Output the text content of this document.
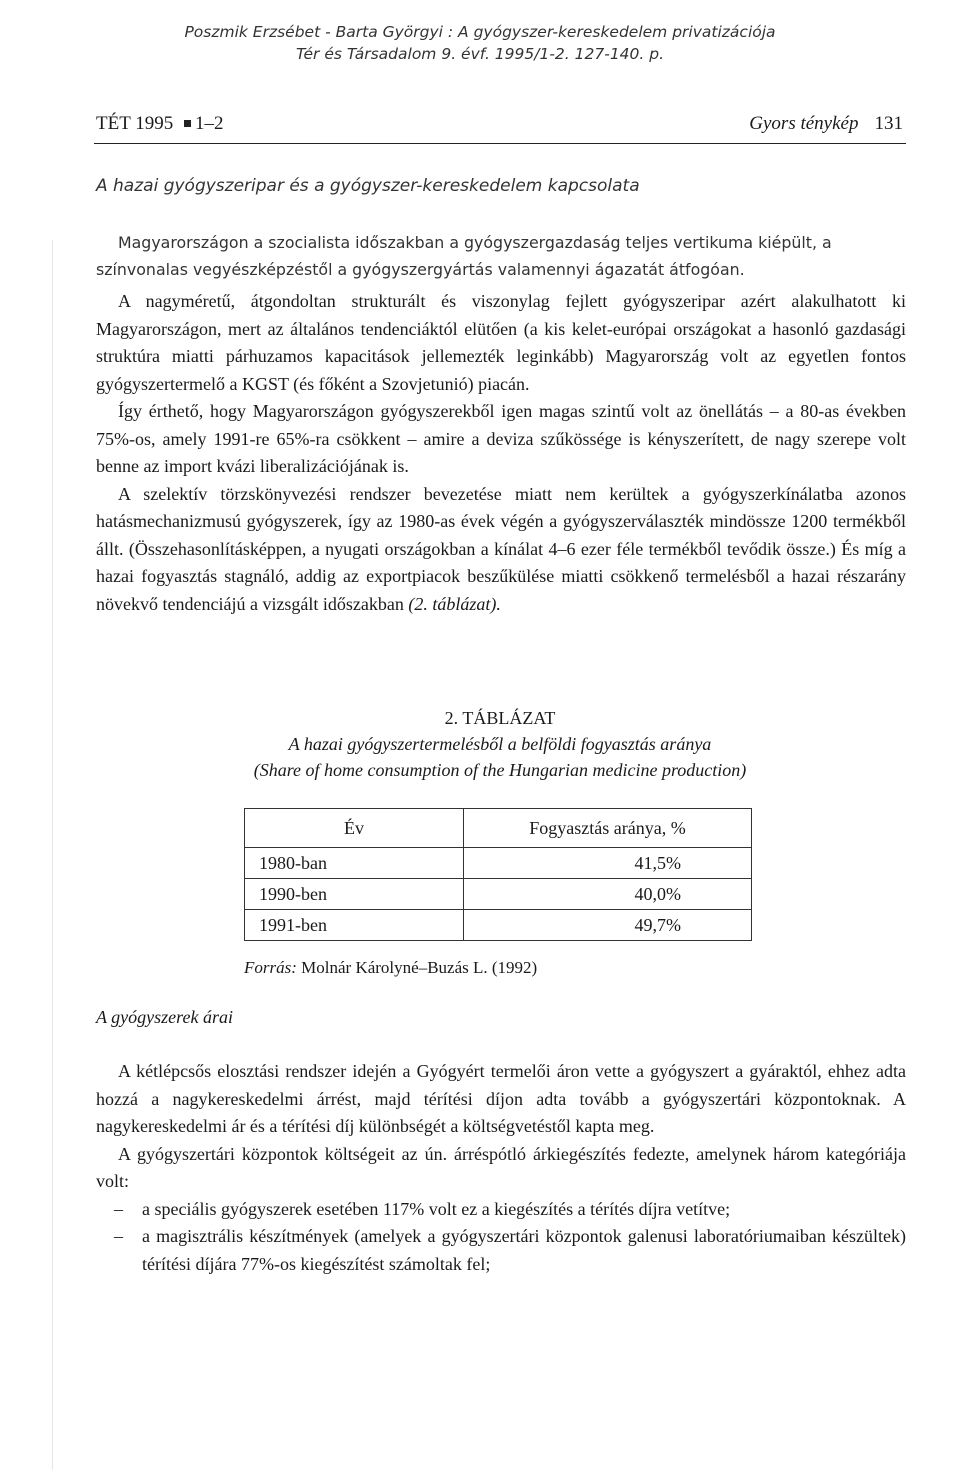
Poszmik Erzsébet - Barta Györgyi : A gyógyszer-kereskedelem privatizációja
Tér és Társadalom 9. évf. 1995/1-2. 127-140. p.
TÉT 1995 1–2	Gyors ténykép 131
A hazai gyógyszeripar és a gyógyszer-kereskedelem kapcsolata
Magyarországon a szocialista időszakban a gyógyszergazdaság teljes vertikuma kiépült, a színvonalas vegyészképzéstől a gyógyszergyártás valamennyi ágazatát átfogóan.

A nagyméretű, átgondoltan strukturált és viszonylag fejlett gyógyszeripar azért alakulhatott ki Magyarországon, mert az általános tendenciáktól elütően (a kis kelet-európai országokat a hasonló gazdasági struktúra miatti párhuzamos kapacitások jellemezték leginkább) Magyarország volt az egyetlen fontos gyógyszertermelő a KGST (és főként a Szovjetunió) piacán.

Így érthető, hogy Magyarországon gyógyszerekből igen magas szintű volt az önellátás – a 80-as években 75%-os, amely 1991-re 65%-ra csökkent – amire a deviza szűkössége is kényszerített, de nagy szerepe volt benne az import kvázi liberalizációjának is.

A szelektív törzskönyvezési rendszer bevezetése miatt nem kerültek a gyógyszerkínálatba azonos hatásmechanizmusú gyógyszerek, így az 1980-as évek végén a gyógyszerválaszték mindössze 1200 termékből állt. (Összehasonlításképpen, a nyugati országokban a kínálat 4–6 ezer féle termékből tevődik össze.) És míg a hazai fogyasztás stagnáló, addig az exportpiacok beszűkülése miatti csökkenő termelésből a hazai részarány növekvő tendenciájú a vizsgált időszakban (2. táblázat).

2. TÁBLÁZAT
A hazai gyógyszertermelésből a belföldi fogyasztás aránya
(Share of home consumption of the Hungarian medicine production)
Év	Fogyasztás aránya, %
1980-ban	41,5%
1990-ben	40,0%
1991-ben	49,7%
Forrás: Molnár Károlyné–Buzás L. (1992)
A gyógyszerek árai

A kétlépcsős elosztási rendszer idején a Gyógyért termelői áron vette a gyógyszert a gyáraktól, ehhez adta hozzá a nagykereskedelmi árrést, majd térítési díjon adta tovább a gyógyszertári központoknak. A nagykereskedelmi ár és a térítési díj különbségét a költségvetéstől kapta meg.

A gyógyszertári központok költségeit az ún. árréspótló árkiegészítés fedezte, amelynek három kategóriája volt:

– a speciális gyógyszerek esetében 117% volt ez a kiegészítés a térítés díjra vetítve;
– a magisztrális készítmények (amelyek a gyógyszertári központok galenusi laboratóriumaiban készültek) térítési díjára 77%-os kiegészítést számoltak fel;
